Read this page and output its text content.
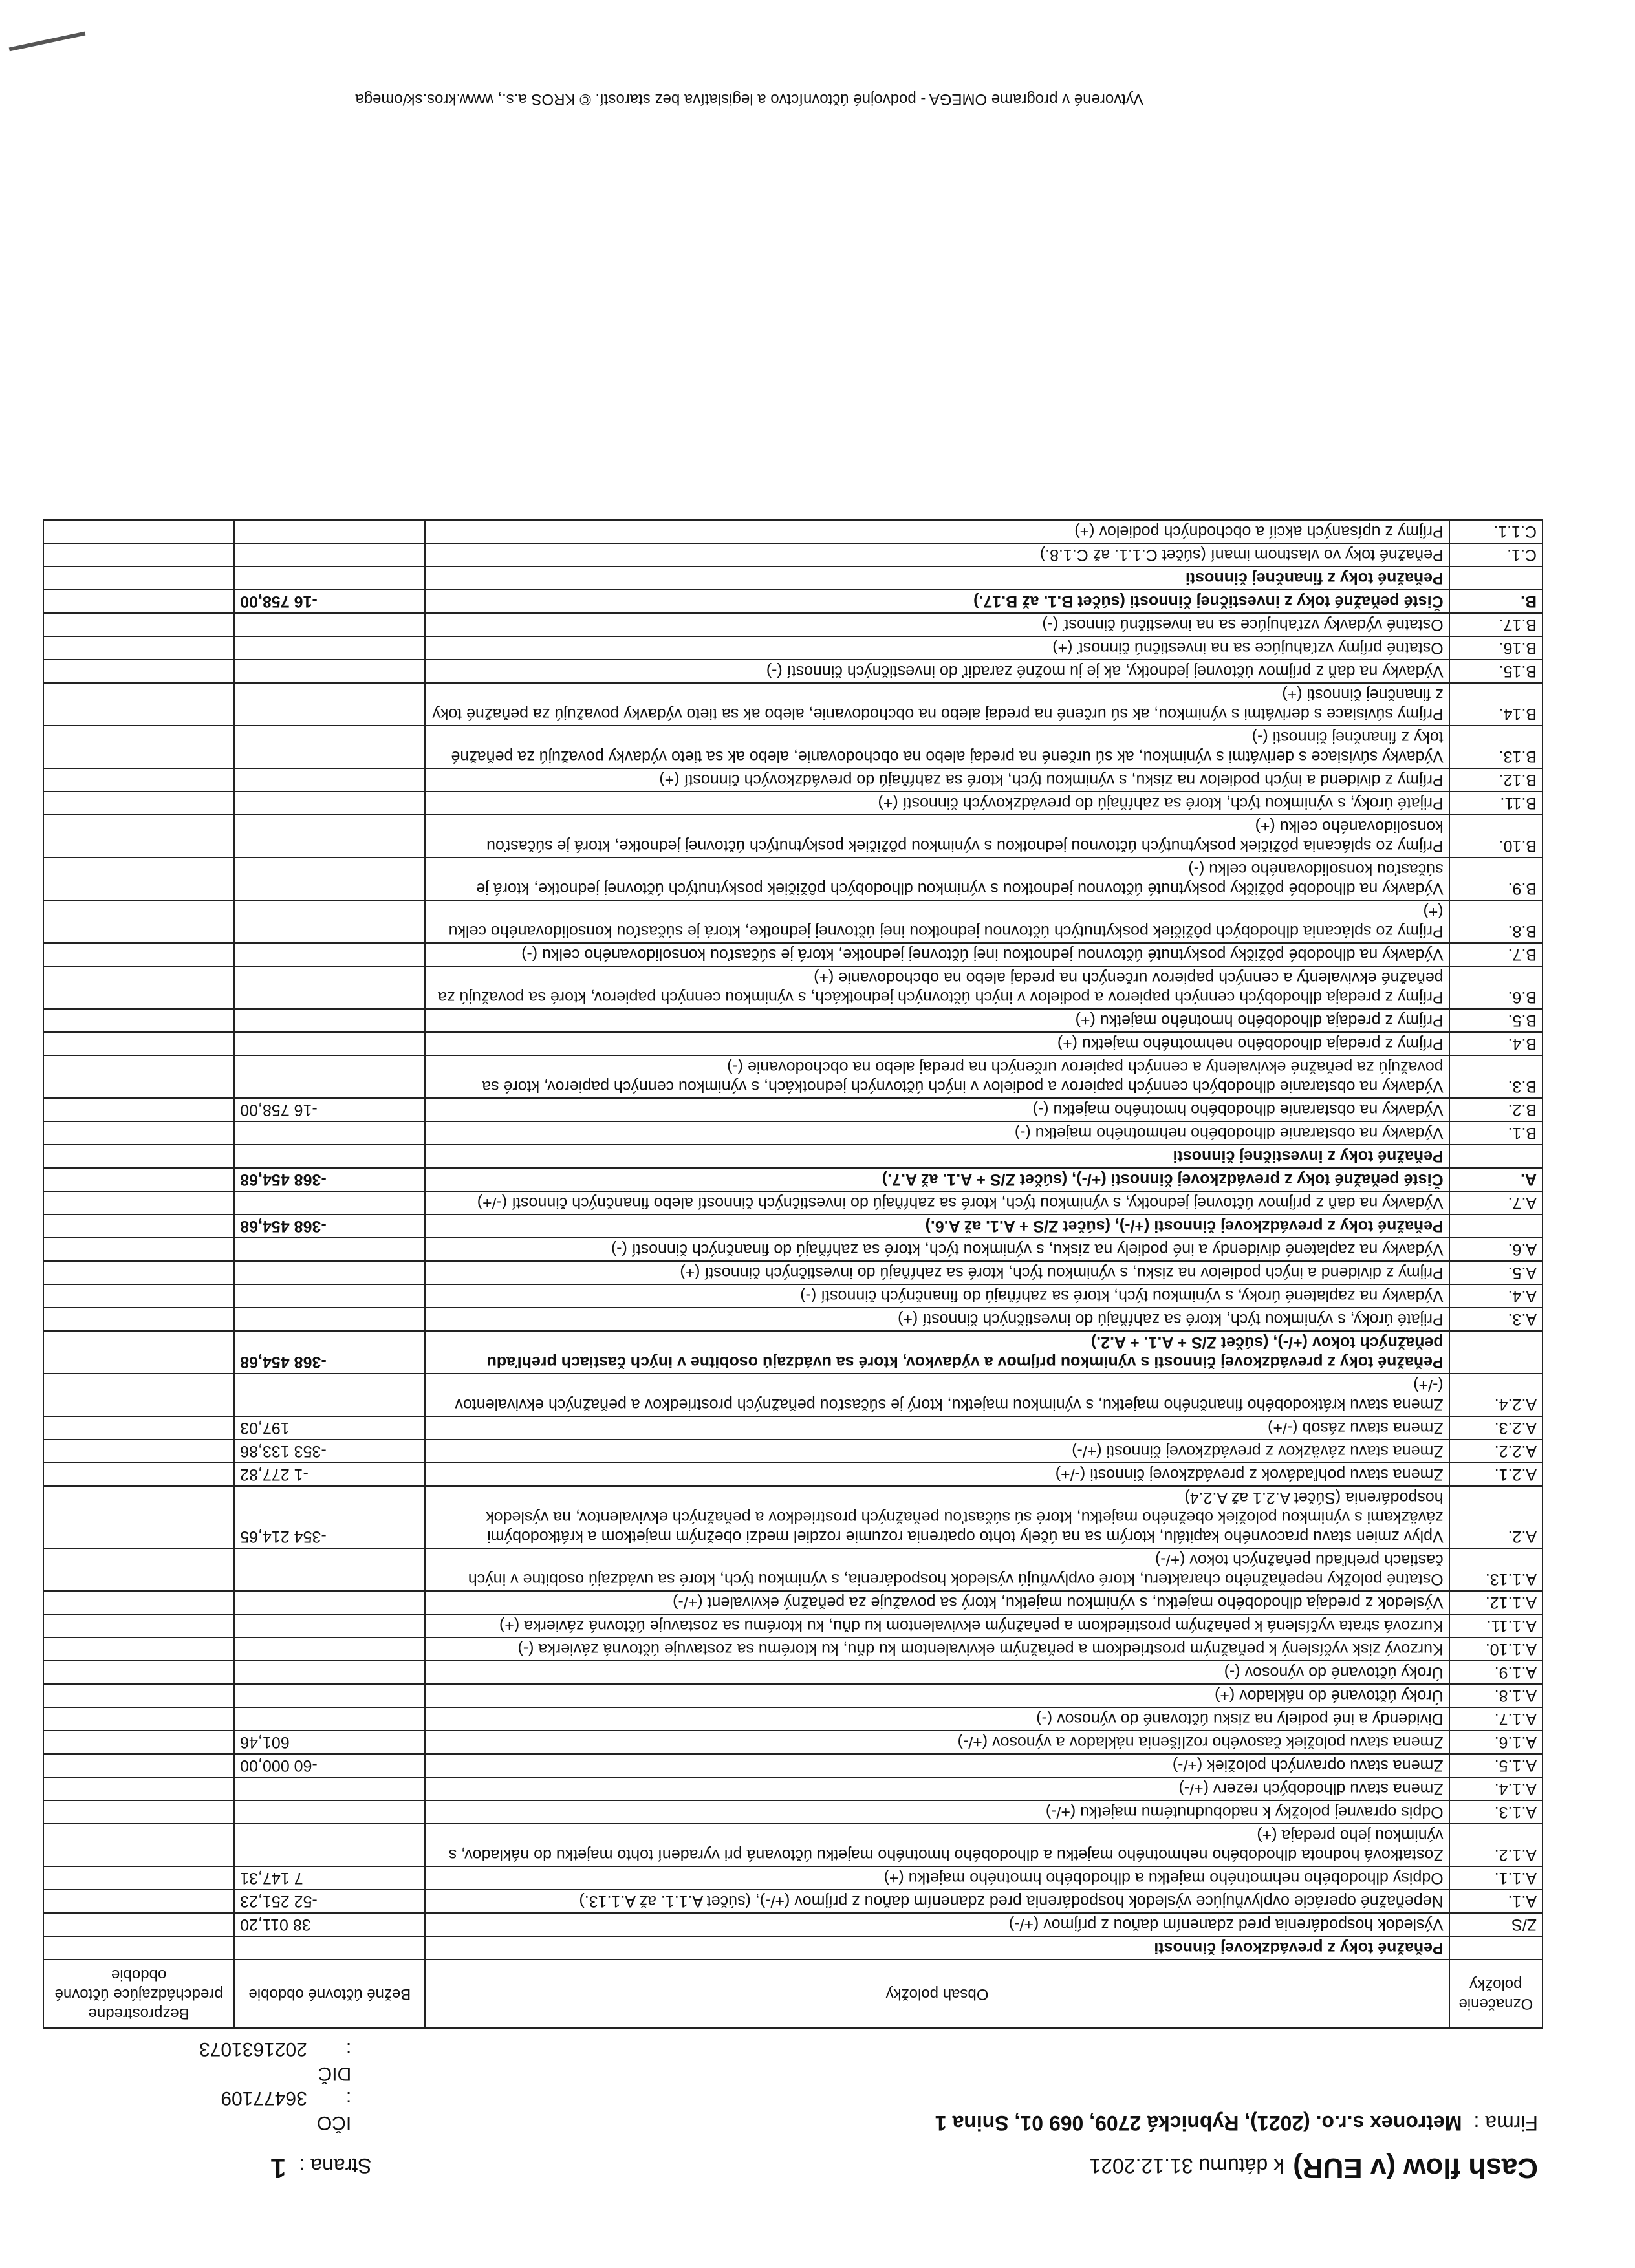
Cash flow (v EUR)k dátumu 31.12.2021
Strana :1
Firma :Metronex s.r.o. (2021), Rybnická 2709, 069 01, Snina 1
IČO : 36477109
DIČ : 2021631073
Označenie položky	Obsah položky	Bežné účtovné obdobie	Bezprostredne predchádzajúce účtovné obdobie
	Peňažné toky z prevádzkovej činnosti		
Z/S	Výsledok hospodárenia pred zdanením daňou z príjmov (+/-)	38 011,20	
A.1.	Nepeňažné operácie ovplyvňujúce výsledok hospodárenia pred zdanením daňou z príjmov (+/-), (súčet A.1.1. až A.1.13.)	-52 251,23	
A.1.1.	Odpisy dlhodobého nehmotného majetku a dlhodobého hmotného majetku (+)	7 147,31	
A.1.2.	Zostatková hodnota dlhodobého nehmotného majetku a dlhodobého hmotného majetku účtovaná pri vyradení tohto majetku do nákladov, s výnimkou jeho predaja (+)		
A.1.3.	Odpis opravnej položky k nadobudnutému majetku (+/-)		
A.1.4.	Zmena stavu dlhodobých rezerv (+/-)		
A.1.5.	Zmena stavu opravných položiek (+/-)	-60 000,00	
A.1.6.	Zmena stavu položiek časového rozlíšenia nákladov a výnosov (+/-)	601,46	
A.1.7.	Dividendy a iné podiely na zisku účtované do výnosov (-)		
A.1.8.	Úroky účtované do nákladov (+)		
A.1.9.	Úroky účtované do výnosov (-)		
A.1.10.	Kurzový zisk vyčíslený k peňažným prostriedkom a peňažným ekvivalentom ku dňu, ku ktorému sa zostavuje účtovná závierka (-)		
A.1.11.	Kurzová strata vyčíslená k peňažným prostriedkom a peňažným ekvivalentom ku dňu, ku ktorému sa zostavuje účtovná závierka (+)		
A.1.12.	Výsledok z predaja dlhodobého majetku, s výnimkou majetku, ktorý sa považuje za peňažný ekvivalent (+/-)		
A.1.13.	Ostatné položky nepeňažného charakteru, ktoré ovplyvňujú výsledok hospodárenia, s výnimkou tých, ktoré sa uvádzajú osobitne v iných častiach prehľadu peňažných tokov (+/-)		
A.2.	Vplyv zmien stavu pracovného kapitálu, ktorým sa na účely tohto opatrenia rozumie rozdiel medzi obežným majetkom a krátkodobými záväzkami s výnimkou položiek obežného majetku, ktoré sú súčasťou peňažných prostriedkov a peňažných ekvivalentov, na výsledok hospodárenia (Súčet A.2.1 až A.2.4)	-354 214,65	
A.2.1.	Zmena stavu pohľadávok z prevádzkovej činnosti (-/+)	-1 277,82	
A.2.2.	Zmena stavu záväzkov z prevádzkovej činnosti (+/-)	-353 133,86	
A.2.3.	Zmena stavu zásob (-/+)	197,03	
A.2.4.	Zmena stavu krátkodobého finančného majetku, s výnimkou majetku, ktorý je súčasťou peňažných prostriedkov a peňažných ekvivalentov (-/+)		
	Peňažné toky z prevádzkovej činnosti s výnimkou príjmov a výdavkov, ktoré sa uvádzajú osobitne v iných častiach prehľadu peňažných tokov (+/-), (súčet Z/S + A.1. + A.2.)	-368 454,68	
A.3.	Prijaté úroky, s výnimkou tých, ktoré sa zahŕňajú do investičných činností (+)		
A.4.	Výdavky na zaplatené úroky, s výnimkou tých, ktoré sa zahŕňajú do finančných činností (-)		
A.5.	Prijmy z dividend a iných podielov na zisku, s výnimkou tých, ktoré sa zahŕňajú do investičných činností (+)		
A.6.	Výdavky na zaplatené dividendy a iné podiely na zisku, s výnimkou tých, ktoré sa zahŕňajú do finančných činností (-)		
	Peňažné toky z prevádzkovej činnosti (+/-), (súčet Z/S + A.1. až A.6.)	-368 454,68	
A.7.	Výdavky na daň z príjmov účtovnej jednotky, s výnimkou tých, ktoré sa zahŕňajú do investičných činností alebo finančných činností (-/+)		
A.	Čisté peňažné toky z prevádzkovej činnosti (+/-), (súčet Z/S + A.1. až A.7.)	-368 454,68	
	Peňažné toky z investičnej činnosti		
B.1.	Výdavky na obstaranie dlhodobého nehmotného majetku (-)		
B.2.	Výdavky na obstaranie dlhodobého hmotného majetku (-)	-16 758,00	
B.3.	Výdavky na obstaranie dlhodobých cenných papierov a podielov v iných účtovných jednotkách, s výnimkou cenných papierov, ktoré sa považujú za peňažné ekvivalenty a cenných papierov určených na predaj alebo na obchodovanie (-)		
B.4.	Príjmy z predaja dlhodobého nehmotného majetku (+)		
B.5.	Príjmy z predaja dlhodobého hmotného majetku (+)		
B.6.	Príjmy z predaja dlhodobých cenných papierov a podielov v iných účtovných jednotkách, s výnimkou cenných papierov, ktoré sa považujú za peňažné ekvivalenty a cenných papierov určených na predaj alebo na obchodovanie (+)		
B.7.	Výdavky na dlhodobé pôžičky poskytnuté účtovnou jednotkou inej účtovnej jednotke, ktorá je súčasťou konsolidovaného celku (-)		
B.8.	Príjmy zo splácania dlhodobých pôžičiek poskytnutých účtovnou jednotkou inej účtovnej jednotke, ktorá je súčasťou konsolidovaného celku (+)		
B.9.	Výdavky na dlhodobé pôžičky poskytnuté účtovnou jednotkou s výnimkou dlhodobých pôžičiek poskytnutých účtovnej jednotke, ktorá je súčasťou konsolidovaného celku (-)		
B.10.	Príjmy zo splácania pôžičiek poskytnutých účtovnou jednotkou s výnimkou pôžičiek poskytnutých účtovnej jednotke, ktorá je súčasťou konsolidovaného celku (+)		
B.11.	Prijaté úroky, s výnimkou tých, ktoré sa zahŕňajú do prevádzkových činností (+)		
B.12.	Príjmy z dividend a iných podielov na zisku, s výnimkou tých, ktoré sa zahŕňajú do prevádzkových činností (+)		
B.13.	Výdavky súvisiace s derivátmi s výnimkou, ak sú určené na predaj alebo na obchodovanie, alebo ak sa tieto výdavky považujú za peňažné toky z finančnej činnosti (-)		
B.14.	Príjmy súvisiace s derivátmi s výnimkou, ak sú určené na predaj alebo na obchodovanie, alebo ak sa tieto výdavky považujú za peňažné toky z finančnej činnosti (+)		
B.15.	Výdavky na daň z príjmov účtovnej jednotky, ak je ju možné zaradiť do investičných činností (-)		
B.16.	Ostatné príjmy vzťahujúce sa na investičnú činnosť (+)		
B.17.	Ostatné výdavky vzťahujúce sa na investičnú činnosť (-)		
B.	Čisté peňažné toky z investičnej činnosti (súčet B.1. až B.17.)	-16 758,00	
	Peňažné toky z finančnej činnosti		
C.1.	Peňažné toky vo vlastnom imaní (súčet C.1.1. až C.1.8.)		
C.1.1.	Príjmy z upísaných akcií a obchodných podielov (+)		
Vytvorené v programe OMEGA - podvojné účtovníctvo a legislatíva bez starostí. © KROS a.s., www.kros.sk/omega
